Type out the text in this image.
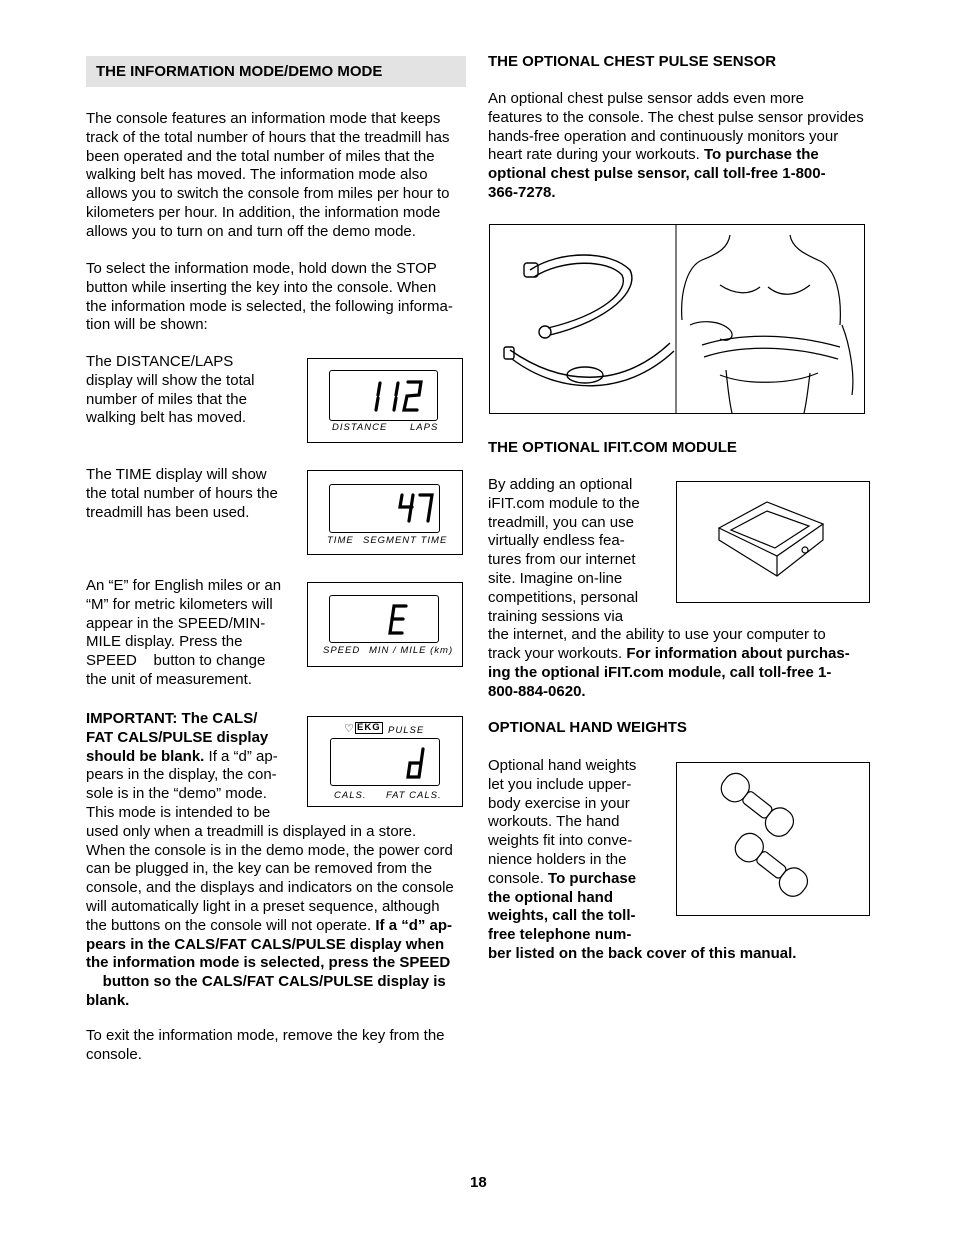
THE INFORMATION MODE/DEMO MODE
The console features an information mode that keeps
track of the total number of hours that the treadmill has
been operated and the total number of miles that the
walking belt has moved. The information mode also
allows you to switch the console from miles per hour to
kilometers per hour. In addition, the information mode
allows you to turn on and turn off the demo mode.
To select the information mode, hold down the STOP
button while inserting the key into the console. When
the information mode is selected, the following informa-
tion will be shown:
The DISTANCE/LAPS
display will show the total
number of miles that the
walking belt has moved.
The TIME display will show
the total number of hours the
treadmill has been used.
An “E” for English miles or an
“M” for metric kilometers will
appear in the SPEED/MIN-
MILE display. Press the
SPEED    button to change
the unit of measurement.
IMPORTANT: The CALS/
FAT CALS/PULSE display
should be blank. If a “d” ap-
pears in the display, the con-
sole is in the “demo” mode.
This mode is intended to be
used only when a treadmill is displayed in a store.
When the console is in the demo mode, the power cord
can be plugged in, the key can be removed from the
console, and the displays and indicators on the console
will automatically light in a preset sequence, although
the buttons on the console will not operate. If a “d” ap-
pears in the CALS/FAT CALS/PULSE display when
the information mode is selected, press the SPEED
button so the CALS/FAT CALS/PULSE display is
blank.
To exit the information mode, remove the key from the
console.
DISTANCE LAPS
TIME SEGMENT TIME
SPEED MIN / MILE (km)
♡ EKG PULSE
CALS. FAT CALS.
THE OPTIONAL CHEST PULSE SENSOR
An optional chest pulse sensor adds even more
features to the console. The chest pulse sensor provides
hands-free operation and continuously monitors your
heart rate during your workouts. To purchase the
optional chest pulse sensor, call toll-free 1-800-
366-7278.
THE OPTIONAL IFIT.COM MODULE
By adding an optional
iFIT.com module to the
treadmill, you can use
virtually endless fea-
tures from our internet
site. Imagine on-line
competitions, personal
training sessions via
the internet, and the ability to use your computer to
track your workouts. For information about purchas-
ing the optional iFIT.com module, call toll-free 1-
800-884-0620.
OPTIONAL HAND WEIGHTS
Optional hand weights
let you include upper-
body exercise in your
workouts. The hand
weights fit into conve-
nience holders in the
console. To purchase
the optional hand
weights, call the toll-
free telephone num-
ber listed on the back cover of this manual.
18
